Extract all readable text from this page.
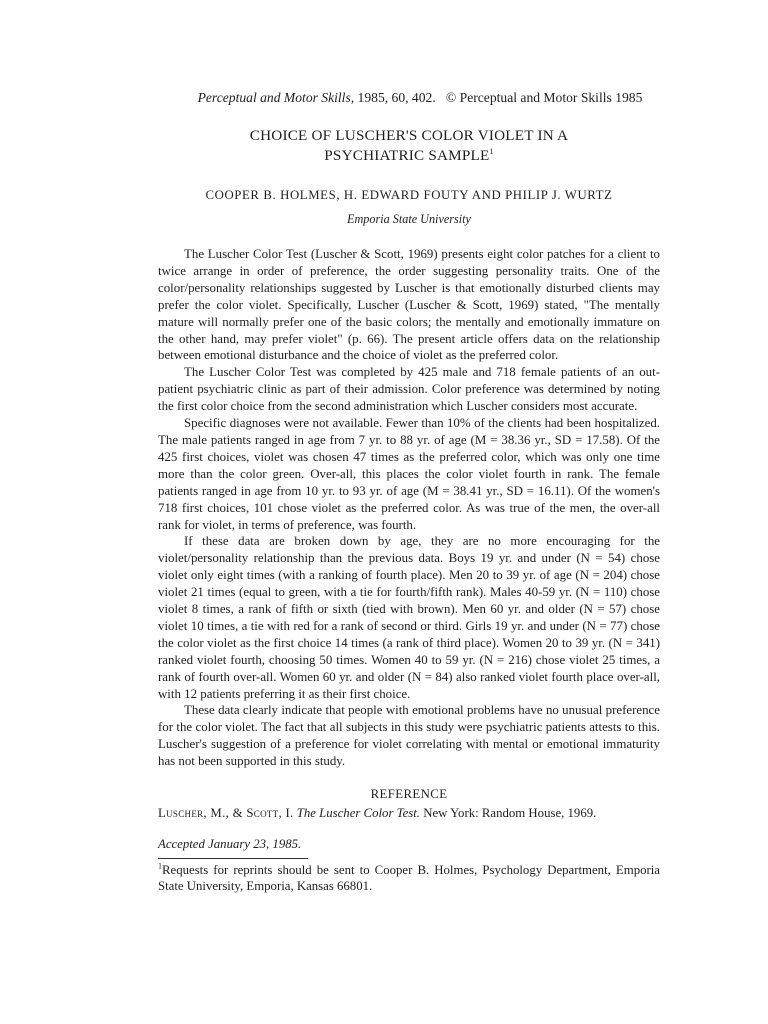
Perceptual and Motor Skills, 1985, 60, 402.   © Perceptual and Motor Skills 1985
CHOICE OF LUSCHER'S COLOR VIOLET IN A
PSYCHIATRIC SAMPLE$^1$
COOPER B. HOLMES, H. EDWARD FOUTY AND PHILIP J. WURTZ
Emporia State University

The Luscher Color Test (Luscher & Scott, 1969) presents eight color patches for a client to twice arrange in order of preference, the order suggesting personality traits. One of the color/personality relationships suggested by Luscher is that emotionally disturbed clients may prefer the color violet. Specifically, Luscher (Luscher & Scott, 1969) stated, "The mentally mature will normally prefer one of the basic colors; the mentally and emotionally immature on the other hand, may prefer violet" (p. 66). The present article offers data on the relationship between emotional disturbance and the choice of violet as the preferred color.

The Luscher Color Test was completed by 425 male and 718 female patients of an out-patient psychiatric clinic as part of their admission. Color preference was determined by noting the first color choice from the second administration which Luscher considers most accurate.

Specific diagnoses were not available. Fewer than 10% of the clients had been hospitalized. The male patients ranged in age from 7 yr. to 88 yr. of age (M = 38.36 yr., SD = 17.58). Of the 425 first choices, violet was chosen 47 times as the preferred color, which was only one time more than the color green. Over-all, this places the color violet fourth in rank. The female patients ranged in age from 10 yr. to 93 yr. of age (M = 38.41 yr., SD = 16.11). Of the women's 718 first choices, 101 chose violet as the preferred color. As was true of the men, the over-all rank for violet, in terms of preference, was fourth.

If these data are broken down by age, they are no more encouraging for the violet/personality relationship than the previous data. Boys 19 yr. and under (N = 54) chose violet only eight times (with a ranking of fourth place). Men 20 to 39 yr. of age (N = 204) chose violet 21 times (equal to green, with a tie for fourth/fifth rank). Males 40-59 yr. (N = 110) chose violet 8 times, a rank of fifth or sixth (tied with brown). Men 60 yr. and older (N = 57) chose violet 10 times, a tie with red for a rank of second or third. Girls 19 yr. and under (N = 77) chose the color violet as the first choice 14 times (a rank of third place). Women 20 to 39 yr. (N = 341) ranked violet fourth, choosing 50 times. Women 40 to 59 yr. (N = 216) chose violet 25 times, a rank of fourth over-all. Women 60 yr. and older (N = 84) also ranked violet fourth place over-all, with 12 patients preferring it as their first choice.

These data clearly indicate that people with emotional problems have no unusual preference for the color violet. The fact that all subjects in this study were psychiatric patients attests to this. Luscher's suggestion of a preference for violet correlating with mental or emotional immaturity has not been supported in this study.

REFERENCE
Luscher, M., & Scott, I. The Luscher Color Test. New York: Random House, 1969.
Accepted January 23, 1985.
$^1$Requests for reprints should be sent to Cooper B. Holmes, Psychology Department, Emporia State University, Emporia, Kansas 66801.
